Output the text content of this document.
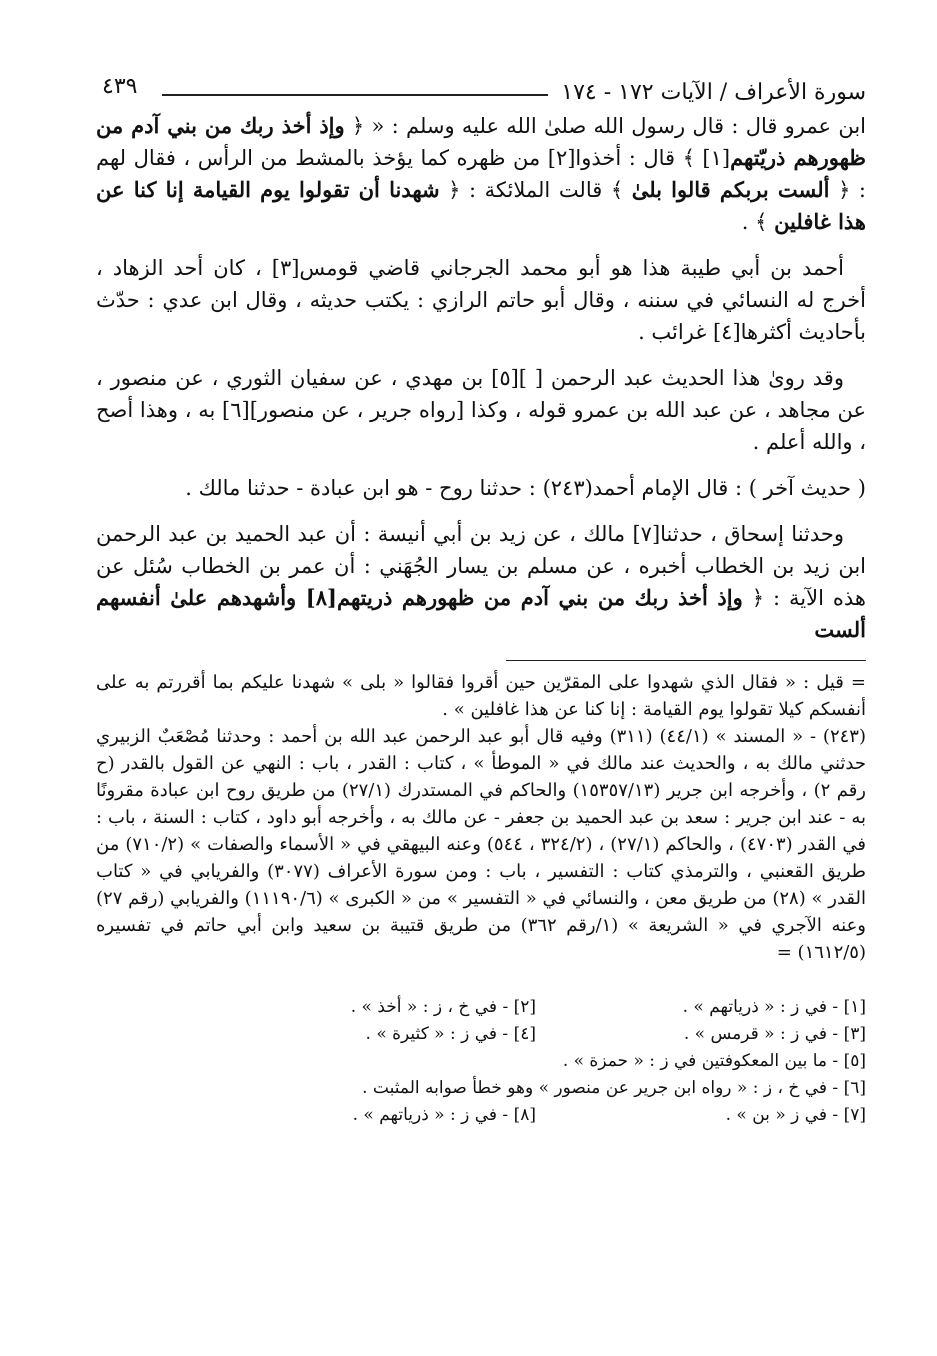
سورة الأعراف / الآيات ١٧٢ - ١٧٤
٤٣٩

ابن عمرو قال : قال رسول الله صلىٰ الله عليه وسلم : « ﴿ وإذ أخذ ربك من بني آدم من ظهورهم ذريّتهم[١] ﴾ قال : أخذوا[٢] من ظهره كما يؤخذ بالمشط من الرأس ، فقال لهم : ﴿ ألست بربكم قالوا بلىٰ ﴾ قالت الملائكة : ﴿ شهدنا أن تقولوا يوم القيامة إنا كنا عن هذا غافلين ﴾ .

أحمد بن أبي طيبة هذا هو أبو محمد الجرجاني قاضي قومس[٣] ، كان أحد الزهاد ، أخرج له النسائي في سننه ، وقال أبو حاتم الرازي : يكتب حديثه ، وقال ابن عدي : حدّث بأحاديث أكثرها[٤] غرائب .

وقد روىٰ هذا الحديث عبد الرحمن [ ][٥] بن مهدي ، عن سفيان الثوري ، عن منصور ، عن مجاهد ، عن عبد الله بن عمرو قوله ، وكذا [رواه جرير ، عن منصور][٦] به ، وهذا أصح ، والله أعلم .

( حديث آخر ) : قال الإمام أحمد(٢٤٣) : حدثنا روح - هو ابن عبادة - حدثنا مالك .

وحدثنا إسحاق ، حدثنا[٧] مالك ، عن زيد بن أبي أنيسة : أن عبد الحميد بن عبد الرحمن ابن زيد بن الخطاب أخبره ، عن مسلم بن يسار الجُهَني : أن عمر بن الخطاب سُئل عن هذه الآية : ﴿ وإذ أخذ ربك من بني آدم من ظهورهم ذريتهم[٨] وأشهدهم علىٰ أنفسهم ألست

= قيل : « فقال الذي شهدوا على المقرّين حين أقروا فقالوا « بلى » شهدنا عليكم بما أقررتم به على أنفسكم كيلا تقولوا يوم القيامة : إنا كنا عن هذا غافلين » .

(٢٤٣) - « المسند » (٤٤/١) (٣١١) وفيه قال أبو عبد الرحمن عبد الله بن أحمد : وحدثنا مُصْعَبٌ الزبيري حدثني مالك به ، والحديث عند مالك في « الموطأ » ، كتاب : القدر ، باب : النهي عن القول بالقدر (ح رقم ٢) ، وأخرجه ابن جرير (١٥٣٥٧/١٣) والحاكم في المستدرك (٢٧/١) من طريق روح ابن عبادة مقرونًا به - عند ابن جرير : سعد بن عبد الحميد بن جعفر - عن مالك به ، وأخرجه أبو داود ، كتاب : السنة ، باب : في القدر (٤٧٠٣) ، والحاكم (٢٧/١) ، (٣٢٤/٢ ، ٥٤٤) وعنه البيهقي في « الأسماء والصفات » (٧١٠/٢) من طريق القعنبي ، والترمذي كتاب : التفسير ، باب : ومن سورة الأعراف (٣٠٧٧) والفريابي في « كتاب القدر » (٢٨) من طريق معن ، والنسائي في « التفسير » من « الكبرى » (١١١٩٠/٦) والفريابي (رقم ٢٧) وعنه الآجري في « الشريعة » (١/رقم ٣٦٢) من طريق قتيبة بن سعيد وابن أبي حاتم في تفسيره (١٦١٢/٥) =

[١] - في ز : « ذرياتهم » .
[٢] - في خ ، ز : « أخذ » .
[٣] - في ز : « قرمس » .
[٤] - في ز : « كثيرة » .
[٥] - ما بين المعكوفتين في ز : « حمزة » .
[٦] - في خ ، ز : « رواه ابن جرير عن منصور » وهو خطأ صوابه المثبت .
[٧] - في ز « بن » .
[٨] - في ز : « ذرياتهم » .
